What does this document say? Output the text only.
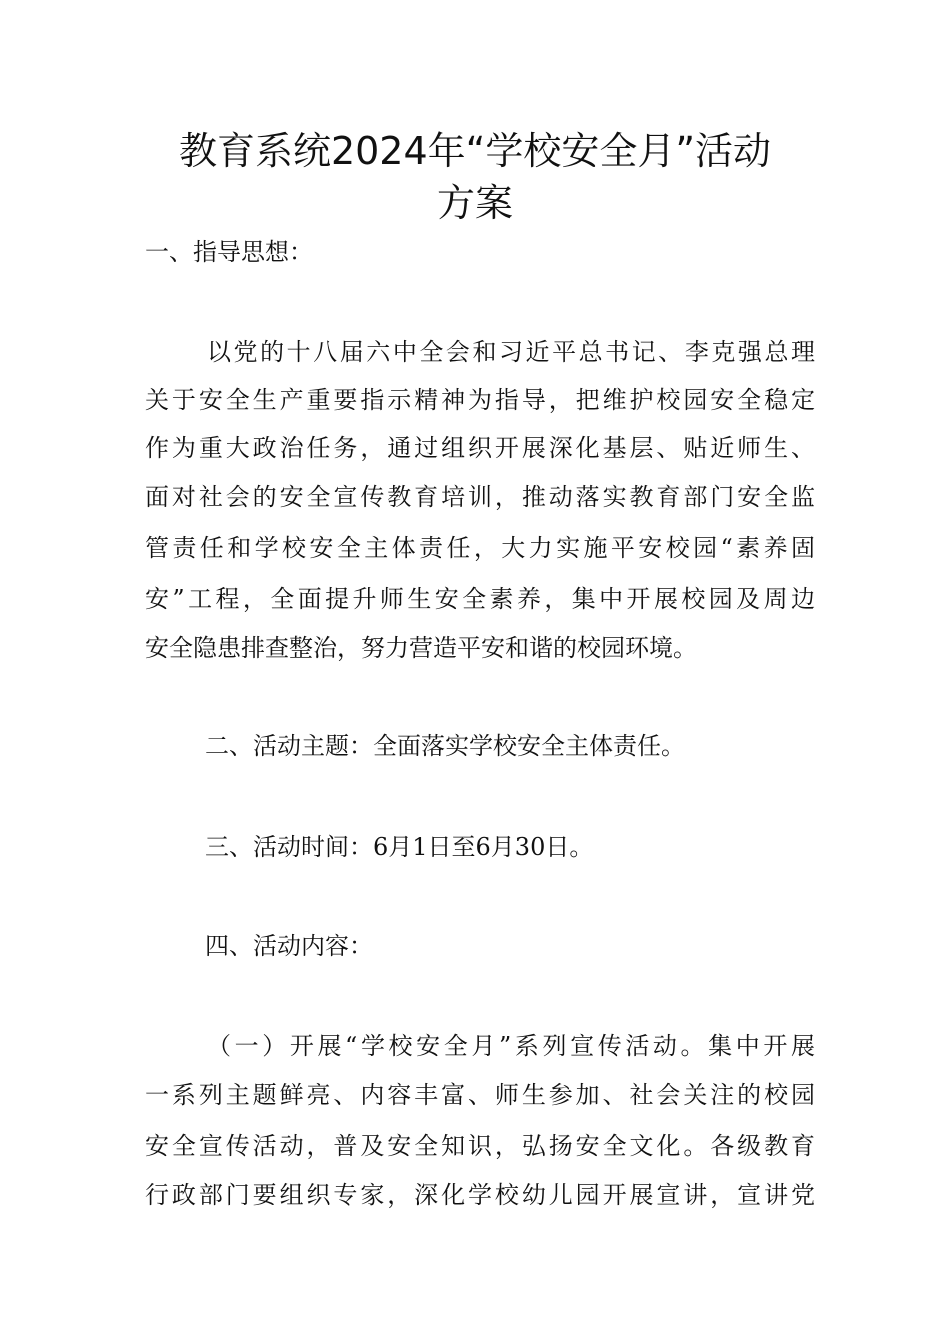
教育系统2024年“学校安全月”活动
方案
一、指导思想：
以党的十八届六中全会和习近平总书记、李克强总理
关于安全生产重要指示精神为指导，把维护校园安全稳定
作为重大政治任务，通过组织开展深化基层、贴近师生、
面对社会的安全宣传教育培训，推动落实教育部门安全监
管责任和学校安全主体责任，大力实施平安校园“素养固
安”工程，全面提升师生安全素养，集中开展校园及周边
安全隐患排查整治，努力营造平安和谐的校园环境。
二、活动主题：全面落实学校安全主体责任。
三、活动时间：6月1日至6月30日。
四、活动内容：
（一）开展“学校安全月”系列宣传活动。集中开展
一系列主题鲜亮、内容丰富、师生参加、社会关注的校园
安全宣传活动，普及安全知识，弘扬安全文化。各级教育
行政部门要组织专家，深化学校幼儿园开展宣讲，宣讲党
